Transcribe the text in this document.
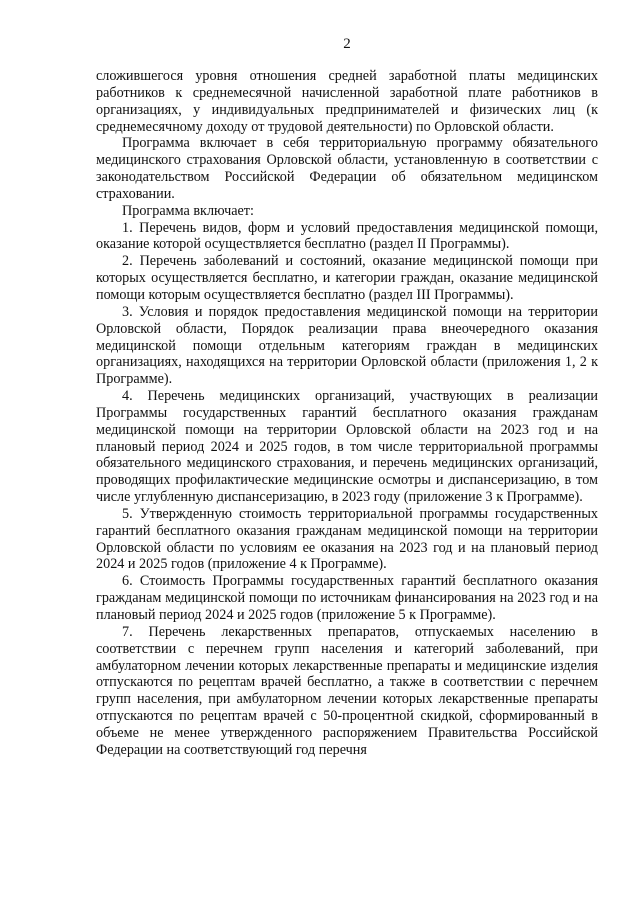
2

сложившегося уровня отношения средней заработной платы медицинских работников к среднемесячной начисленной заработной плате работников в организациях, у индивидуальных предпринимателей и физических лиц (к среднемесячному доходу от трудовой деятельности) по Орловской области.

Программа включает в себя территориальную программу обязательного медицинского страхования Орловской области, установленную в соответствии с законодательством Российской Федерации об обязательном медицинском страховании.

Программа включает:

1. Перечень видов, форм и условий предоставления медицинской помощи, оказание которой осуществляется бесплатно (раздел II Программы).

2. Перечень заболеваний и состояний, оказание медицинской помощи при которых осуществляется бесплатно, и категории граждан, оказание медицинской помощи которым осуществляется бесплатно (раздел III Программы).

3. Условия и порядок предоставления медицинской помощи на территории Орловской области, Порядок реализации права внеочередного оказания медицинской помощи отдельным категориям граждан в медицинских организациях, находящихся на территории Орловской области (приложения 1, 2 к Программе).

4. Перечень медицинских организаций, участвующих в реализации Программы государственных гарантий бесплатного оказания гражданам медицинской помощи на территории Орловской области на 2023 год и на плановый период 2024 и 2025 годов, в том числе территориальной программы обязательного медицинского страхования, и перечень медицинских организаций, проводящих профилактические медицинские осмотры и диспансеризацию, в том числе углубленную диспансеризацию, в 2023 году (приложение 3 к Программе).

5. Утвержденную стоимость территориальной программы государственных гарантий бесплатного оказания гражданам медицинской помощи на территории Орловской области по условиям ее оказания на 2023 год и на плановый период 2024 и 2025 годов (приложение 4 к Программе).

6. Стоимость Программы государственных гарантий бесплатного оказания гражданам медицинской помощи по источникам финансирования на 2023 год и на плановый период 2024 и 2025 годов (приложение 5 к Программе).

7. Перечень лекарственных препаратов, отпускаемых населению в соответствии с перечнем групп населения и категорий заболеваний, при амбулаторном лечении которых лекарственные препараты и медицинские изделия отпускаются по рецептам врачей бесплатно, а также в соответствии с перечнем групп населения, при амбулаторном лечении которых лекарственные препараты отпускаются по рецептам врачей с 50-процентной скидкой, сформированный в объеме не менее утвержденного распоряжением Правительства Российской Федерации на соответствующий год перечня
